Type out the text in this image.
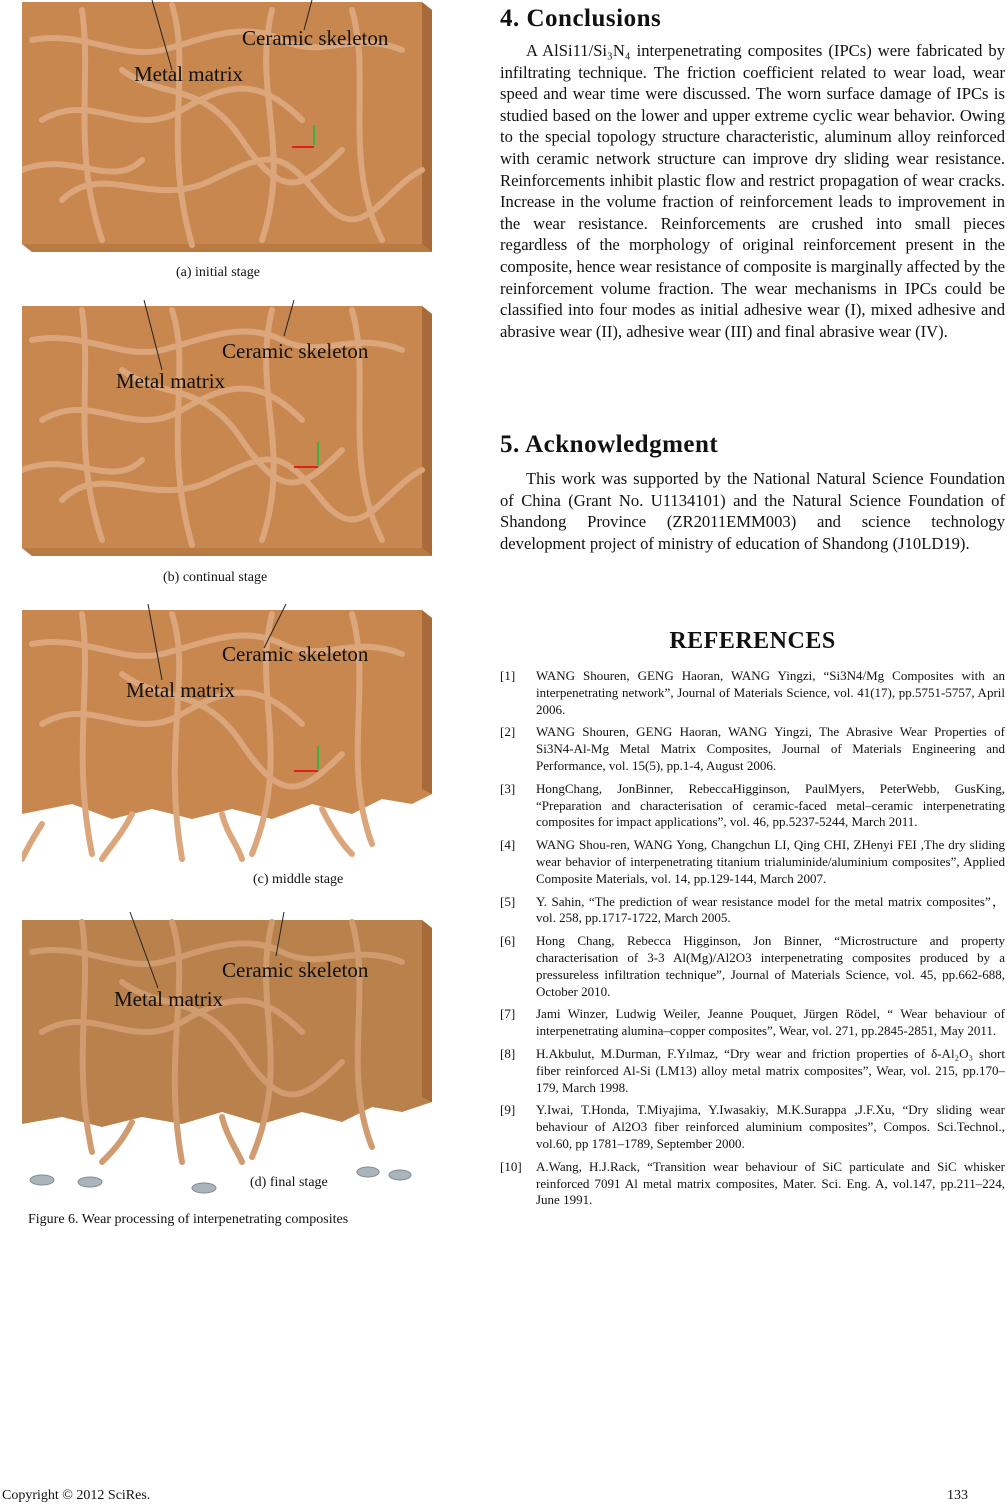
Ceramic skeleton
Metal matrix
(a) initial stage
Ceramic skeleton
Metal matrix
(b) continual stage
Ceramic skeleton
Metal matrix
(c) middle stage
Ceramic skeleton
Metal matrix
(d) final stage
Figure 6. Wear processing of interpenetrating composites
4. Conclusions

A AlSi11/Si₃N₄ interpenetrating composites (IPCs) were fabricated by infiltrating technique. The friction coefficient related to wear load, wear speed and wear time were discussed. The worn surface damage of IPCs is studied based on the lower and upper extreme cyclic wear behavior. Owing to the special topology structure characteristic, aluminum alloy reinforced with ceramic network structure can improve dry sliding wear resistance. Reinforcements inhibit plastic flow and restrict propagation of wear cracks. Increase in the volume fraction of reinforcement leads to improvement in the wear resistance. Reinforcements are crushed into small pieces regardless of the morphology of original reinforcement present in the composite, hence wear resistance of composite is marginally affected by the reinforcement volume fraction. The wear mechanisms in IPCs could be classified into four modes as initial adhesive wear (I), mixed adhesive and abrasive wear (II), adhesive wear (III) and final abrasive wear (IV).

5. Acknowledgment

This work was supported by the National Natural Science Foundation of China (Grant No. U1134101) and the Natural Science Foundation of Shandong Province (ZR2011EMM003) and science technology development project of ministry of education of Shandong (J10LD19).

REFERENCES
[1] WANG Shouren, GENG Haoran, WANG Yingzi, “Si3N4/Mg Composites with an interpenetrating network”, Journal of Materials Science, vol. 41(17), pp.5751-5757, April 2006.
[2] WANG Shouren, GENG Haoran, WANG Yingzi, The Abrasive Wear Properties of Si3N4-Al-Mg Metal Matrix Composites, Journal of Materials Engineering and Performance, vol. 15(5), pp.1-4, August 2006.
[3] HongChang, JonBinner, RebeccaHigginson, PaulMyers, PeterWebb, GusKing, “Preparation and characterisation of ceramic-faced metal–ceramic interpenetrating composites for impact applications”, vol. 46, pp.5237-5244, March 2011.
[4] WANG Shou-ren, WANG Yong, Changchun LI, Qing CHI, ZHenyi FEI ,The dry sliding wear behavior of interpenetrating titanium trialuminide/aluminium composites”, Applied Composite Materials, vol. 14, pp.129-144, March 2007.
[5] Y. Sahin, “The prediction of wear resistance model for the metal matrix composites”， vol. 258, pp.1717-1722, March 2005.
[6] Hong Chang, Rebecca Higginson, Jon Binner, “Microstructure and property characterisation of 3-3 Al(Mg)/Al2O3 interpenetrating composites produced by a pressureless infiltration technique”, Journal of Materials Science, vol. 45, pp.662-688, October 2010.
[7] Jami Winzer, Ludwig Weiler, Jeanne Pouquet, Jürgen Rödel, “ Wear behaviour of interpenetrating alumina–copper composites”, Wear, vol. 271, pp.2845-2851, May 2011.
[8] H.Akbulut, M.Durman, F.Yılmaz, “Dry wear and friction properties of δ-Al₂O₃ short fiber reinforced Al-Si (LM13) alloy metal matrix composites”, Wear, vol. 215, pp.170–179, March 1998.
[9] Y.Iwai, T.Honda, T.Miyajima, Y.Iwasakiy, M.K.Surappa ,J.F.Xu, “Dry sliding wear behaviour of Al2O3 fiber reinforced aluminium composites”, Compos. Sci.Technol., vol.60, pp 1781–1789, September 2000.
[10] A.Wang, H.J.Rack, “Transition wear behaviour of SiC particulate and SiC whisker reinforced 7091 Al metal matrix composites, Mater. Sci. Eng. A, vol.147, pp.211–224, June 1991.
Copyright © 2012 SciRes.	133
